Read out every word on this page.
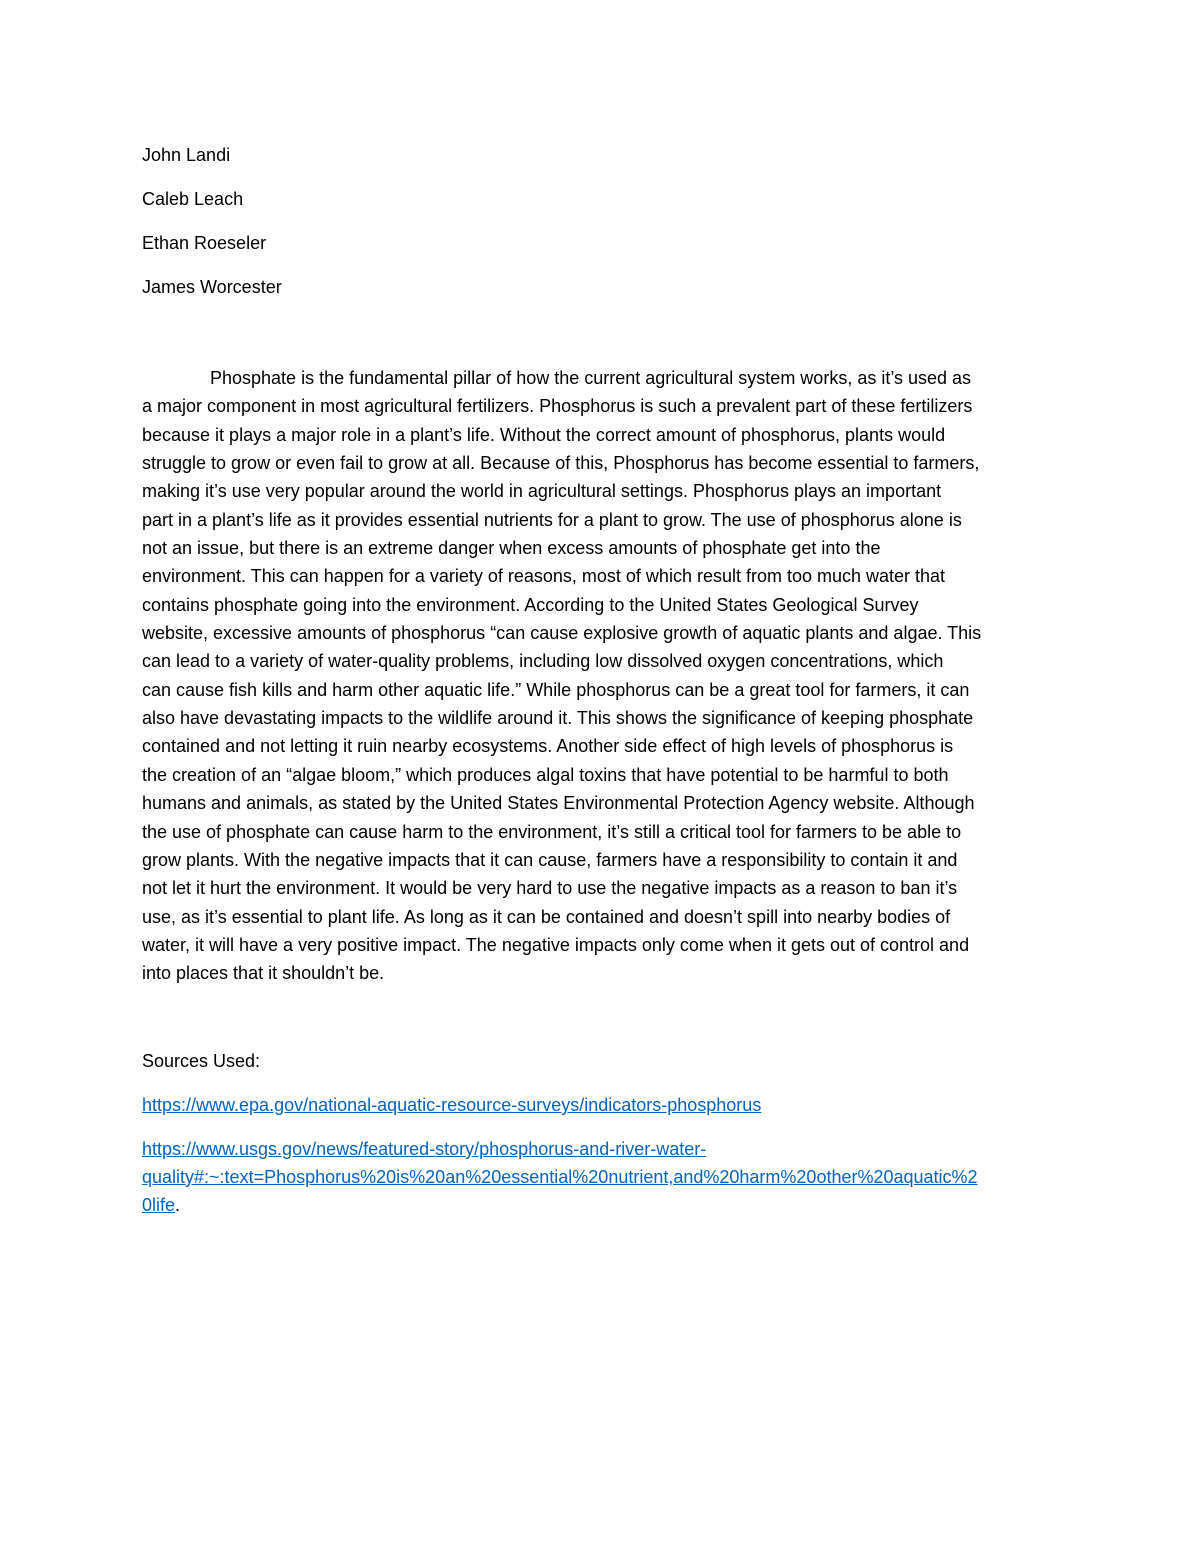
John Landi
Caleb Leach
Ethan Roeseler
James Worcester
Phosphate is the fundamental pillar of how the current agricultural system works, as it’s used as
a major component in most agricultural fertilizers. Phosphorus is such a prevalent part of these fertilizers
because it plays a major role in a plant’s life. Without the correct amount of phosphorus, plants would
struggle to grow or even fail to grow at all. Because of this, Phosphorus has become essential to farmers,
making it’s use very popular around the world in agricultural settings. Phosphorus plays an important
part in a plant’s life as it provides essential nutrients for a plant to grow. The use of phosphorus alone is
not an issue, but there is an extreme danger when excess amounts of phosphate get into the
environment. This can happen for a variety of reasons, most of which result from too much water that
contains phosphate going into the environment. According to the United States Geological Survey
website, excessive amounts of phosphorus “can cause explosive growth of aquatic plants and algae. This
can lead to a variety of water-quality problems, including low dissolved oxygen concentrations, which
can cause fish kills and harm other aquatic life.” While phosphorus can be a great tool for farmers, it can
also have devastating impacts to the wildlife around it. This shows the significance of keeping phosphate
contained and not letting it ruin nearby ecosystems. Another side effect of high levels of phosphorus is
the creation of an “algae bloom,” which produces algal toxins that have potential to be harmful to both
humans and animals, as stated by the United States Environmental Protection Agency website. Although
the use of phosphate can cause harm to the environment, it’s still a critical tool for farmers to be able to
grow plants. With the negative impacts that it can cause, farmers have a responsibility to contain it and
not let it hurt the environment. It would be very hard to use the negative impacts as a reason to ban it’s
use, as it’s essential to plant life. As long as it can be contained and doesn’t spill into nearby bodies of
water, it will have a very positive impact. The negative impacts only come when it gets out of control and
into places that it shouldn’t be.
Sources Used:
https://www.epa.gov/national-aquatic-resource-surveys/indicators-phosphorus
https://www.usgs.gov/news/featured-story/phosphorus-and-river-water-
quality#:~:text=Phosphorus%20is%20an%20essential%20nutrient,and%20harm%20other%20aquatic%2
0life.
